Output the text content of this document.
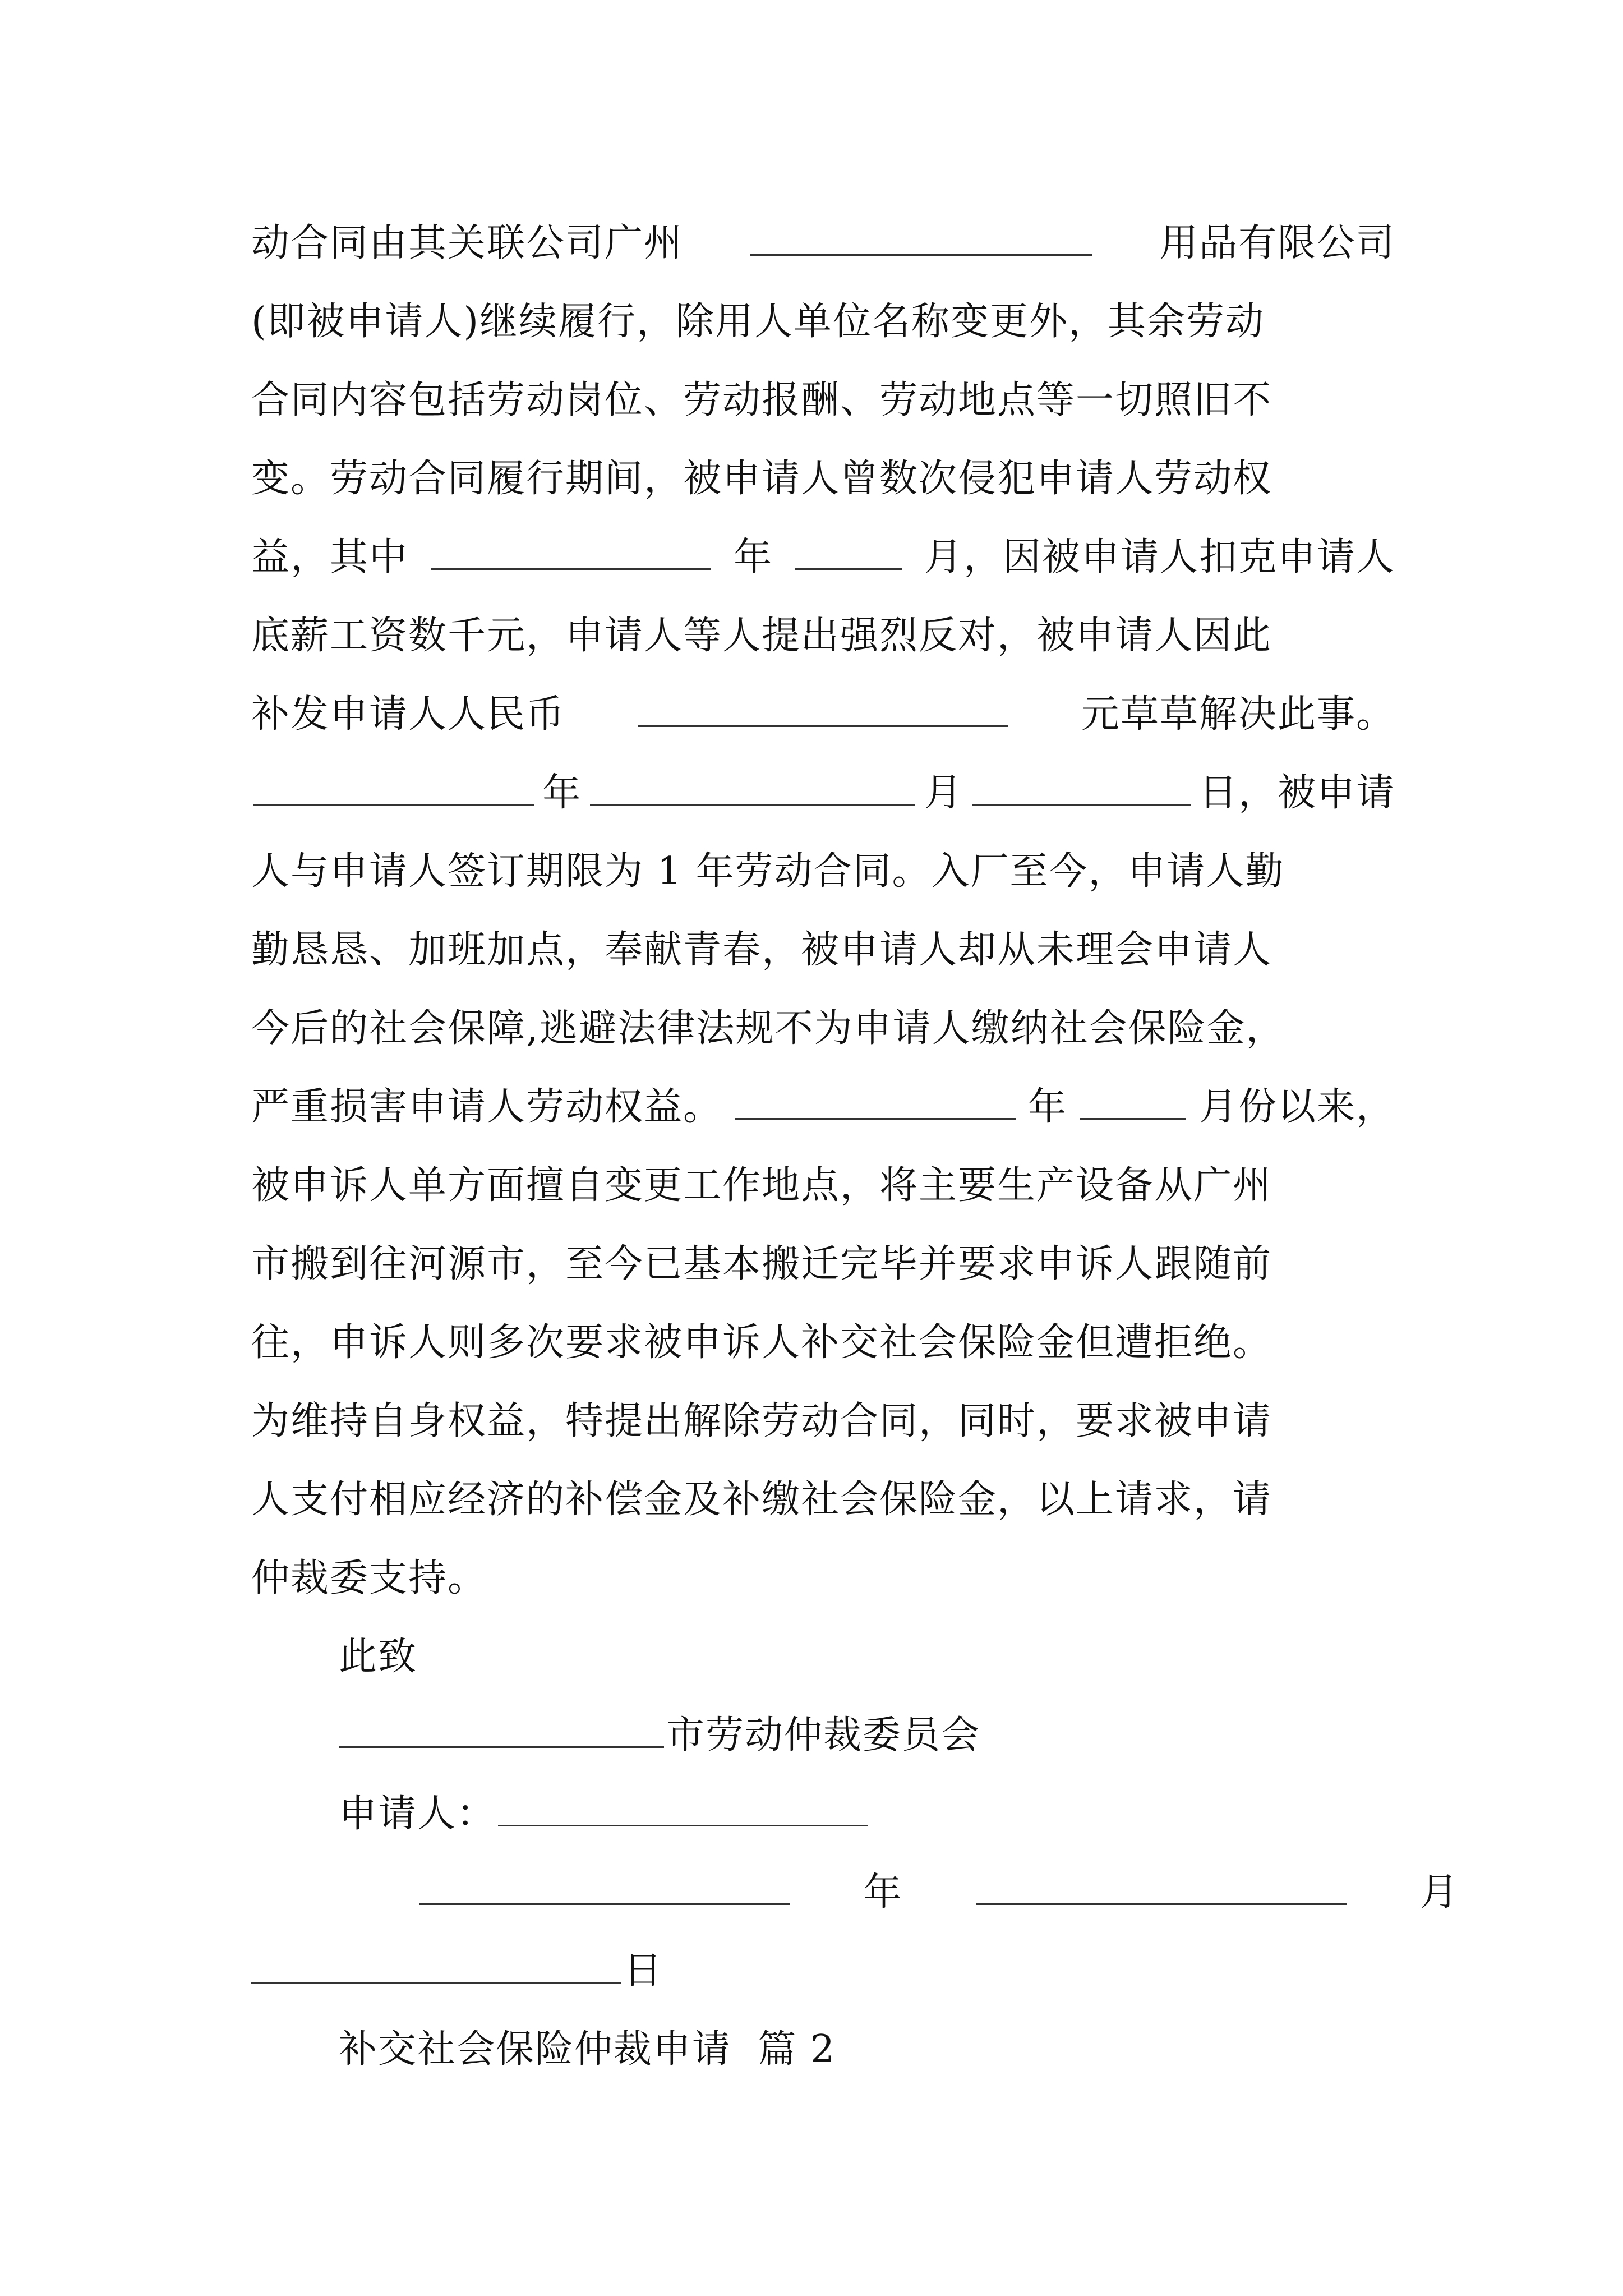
动合同由其关联公司广州	用品有限公司
(即被申请人)继续履行，除用人单位名称变更外，其余劳动
合同内容包括劳动岗位、劳动报酬、劳动地点等一切照旧不
变。劳动合同履行期间，被申请人曾数次侵犯申请人劳动权
益，其中	年	月，因被申请人扣克申请人
底薪工资数千元，申请人等人提出强烈反对，被申请人因此
补发申请人人民币	元草草解决此事。
年	月	日，被申请
人与申请人签订期限为 1 年劳动合同。入厂至今，申请人勤
勤恳恳、加班加点，奉献青春，被申请人却从未理会申请人
今后的社会保障,逃避法律法规不为申请人缴纳社会保险金，
严重损害申请人劳动权益。	年	月份以来，
被申诉人单方面擅自变更工作地点，将主要生产设备从广州
市搬到往河源市，至今已基本搬迁完毕并要求申诉人跟随前
往，申诉人则多次要求被申诉人补交社会保险金但遭拒绝。
为维持自身权益，特提出解除劳动合同，同时，要求被申请
人支付相应经济的补偿金及补缴社会保险金，以上请求，请
仲裁委支持。
此致
市劳动仲裁委员会
申请人：
年	月
日
补交社会保险仲裁申请  篇 2
